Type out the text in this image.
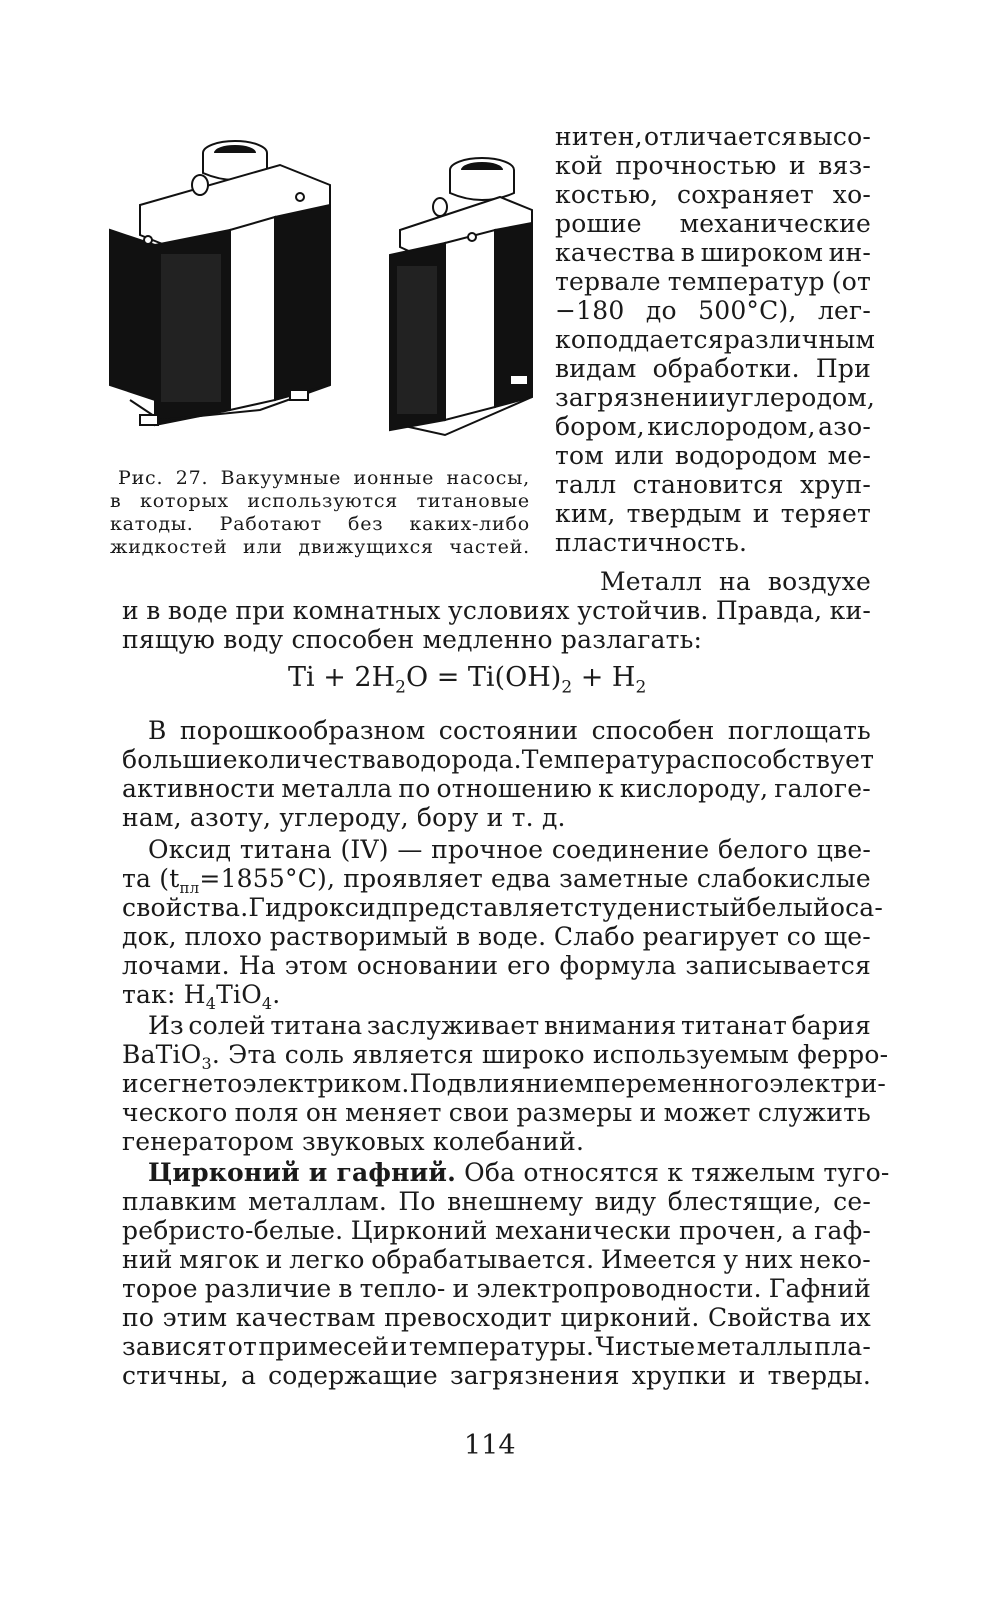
Рис. 27. Вакуумные ионные насосы,
в которых используются титановые
катоды. Работают без каких-либо
жидкостей или движущихся частей.
нитен, отличается высо-
кой прочностью и вяз-
костью, сохраняет хо-
рошие механические
качества в широком ин-
тервале температур (от
−180 до 500°C), лег-
ко поддается различным
видам обработки. При
загрязнении углеродом,
бором, кислородом, азо-
том или водородом ме-
талл становится хруп-
ким, твердым и теряет
пластичность.
Металл на воздухе
и в воде при комнатных условиях устойчив. Правда, ки-
пящую воду способен медленно разлагать:
$Ti + 2H_2O = Ti(OH)_2 + H_2$
В порошкообразном состоянии способен поглощать
большие количества водорода. Температура способствует
активности металла по отношению к кислороду, галоге-
нам, азоту, углероду, бору и т. д.
Оксид титана (IV) — прочное соединение белого цве-
та $(t_{пл}=1855^\circ C)$, проявляет едва заметные слабокислые
свойства. Гидроксид представляет студенистый белый оса-
док, плохо растворимый в воде. Слабо реагирует со ще-
лочами. На этом основании его формула записывается
так: $H_4TiO_4$.
Из солей титана заслуживает внимания титанат бария
BaTiO$_3$. Эта соль является широко используемым ферро-
и сегнетоэлектриком. Под влиянием переменного электри-
ческого поля он меняет свои размеры и может служить
генератором звуковых колебаний.
Цирконий и гафний. Оба относятся к тяжелым туго-
плавким металлам. По внешнему виду блестящие, се-
ребристо-белые. Цирконий механически прочен, а гаф-
ний мягок и легко обрабатывается. Имеется у них неко-
торое различие в тепло- и электропроводности. Гафний
по этим качествам превосходит цирконий. Свойства их
зависят от примесей и температуры. Чистые металлы пла-
стичны, а содержащие загрязнения хрупки и тверды.
114
